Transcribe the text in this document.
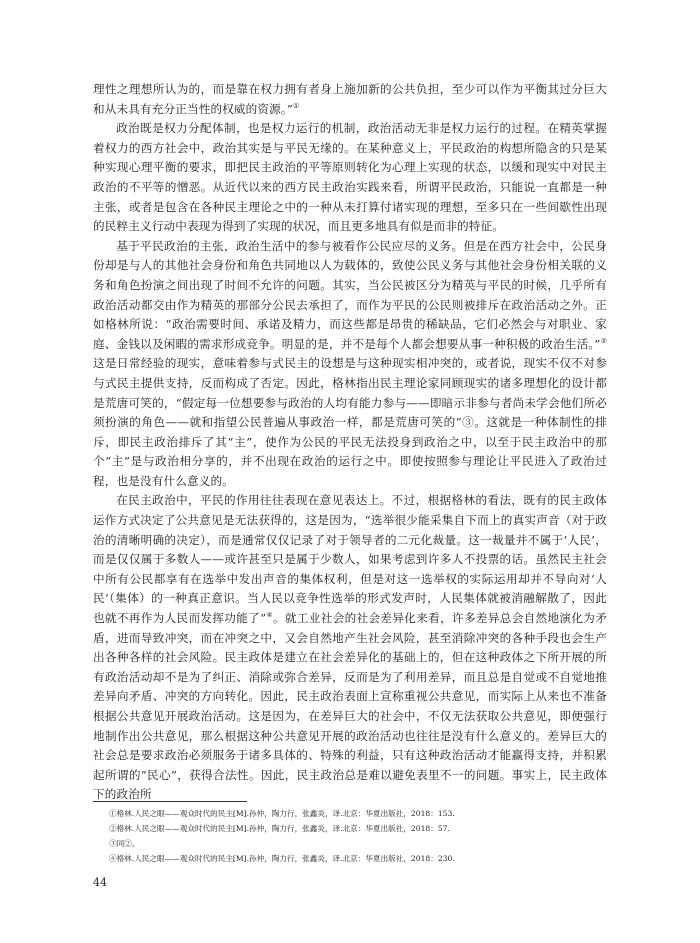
理性之理想所认为的，而是靠在权力拥有者身上施加新的公共负担，至少可以作为平衡其过分巨大和从未具有充分正当性的权威的资源。”①

政治既是权力分配体制，也是权力运行的机制，政治活动无非是权力运行的过程。在精英掌握着权力的西方社会中，政治其实是与平民无缘的。在某种意义上，平民政治的构想所隐含的只是某种实现心理平衡的要求，即把民主政治的平等原则转化为心理上实现的状态，以缓和现实中对民主政治的不平等的憎恶。从近代以来的西方民主政治实践来看，所谓平民政治，只能说一直都是一种主张，或者是包含在各种民主理论之中的一种从未打算付诸实现的理想，至多只在一些间歇性出现的民粹主义行动中表现为得到了实现的状况，而且更多地具有似是而非的特征。

基于平民政治的主张，政治生活中的参与被看作公民应尽的义务。但是在西方社会中，公民身份却是与人的其他社会身份和角色共同地以人为载体的，致使公民义务与其他社会身份相关联的义务和角色扮演之间出现了时间不允许的问题。其实，当公民被区分为精英与平民的时候，几乎所有政治活动都交由作为精英的那部分公民去承担了，而作为平民的公民则被排斥在政治活动之外。正如格林所说：“政治需要时间、承诺及精力，而这些都是昂贵的稀缺品，它们必然会与对职业、家庭、金钱以及闲暇的需求形成竞争。明显的是，并不是每个人都会想要从事一种积极的政治生活。”②这是日常经验的现实，意味着参与式民主的设想是与这种现实相冲突的，或者说，现实不仅不对参与式民主提供支持，反而构成了否定。因此，格林指出民主理论家同顾现实的诸多理想化的设计都是荒唐可笑的，“假定每一位想要参与政治的人均有能力参与——即暗示非参与者尚未学会他们所必须扮演的角色——就和指望公民普遍从事政治一样，都是荒唐可笑的”③。这就是一种体制性的排斥，即民主政治排斥了其“主”，使作为公民的平民无法投身到政治之中，以至于民主政治中的那个“主”是与政治相分享的，并不出现在政治的运行之中。即使按照参与理论让平民进入了政治过程，也是没有什么意义的。

在民主政治中，平民的作用往往表现在意见表达上。不过，根据格林的看法，既有的民主政体运作方式决定了公共意见是无法获得的，这是因为，“选举很少能采集自下而上的真实声音（对于政治的清晰明确的决定），而是通常仅仅记录了对于领导者的二元化裁量。这一裁量并不属于‘人民’，而是仅仅属于多数人——或许甚至只是属于少数人，如果考虑到许多人不投票的话。虽然民主社会中所有公民都享有在选举中发出声音的集体权利，但是对这一选举权的实际运用却并不导向对‘人民’（集体）的一种真正意识。当人民以竞争性选举的形式发声时，人民集体就被消融解散了，因此也就不再作为人民而发挥功能了”④。就工业社会的社会差异化来看，许多差异总会自然地演化为矛盾，进而导致冲突，而在冲突之中，又会自然地产生社会风险，甚至消除冲突的各种手段也会生产出各种各样的社会风险。民主政体是建立在社会差异化的基础上的，但在这种政体之下所开展的所有政治活动却不是为了纠正、消除或弥合差异，反而是为了利用差异，而且总是自觉或不自觉地推差异向矛盾、冲突的方向转化。因此，民主政治表面上宣称重视公共意见，而实际上从来也不准备根据公共意见开展政治活动。这是因为，在差异巨大的社会中，不仅无法获取公共意见，即便强行地制作出公共意见，那么根据这种公共意见开展的政治活动也往往是没有什么意义的。差异巨大的社会总是要求政治必须服务于诸多具体的、特殊的利益，只有这种政治活动才能赢得支持，并积累起所谓的“民心”，获得合法性。因此，民主政治总是难以避免表里不一的问题。事实上，民主政体下的政治所

①格林.人民之眼——观众时代的民主[M].孙仲，陶力行，张鑫炎，译.北京：华夏出版社，2018：153.
②格林.人民之眼——观众时代的民主[M].孙仲，陶力行，张鑫炎，译.北京：华夏出版社，2018：57.
③同②。
④格林.人民之眼——观众时代的民主[M].孙仲，陶力行，张鑫炎，译.北京：华夏出版社，2018：230.
44
